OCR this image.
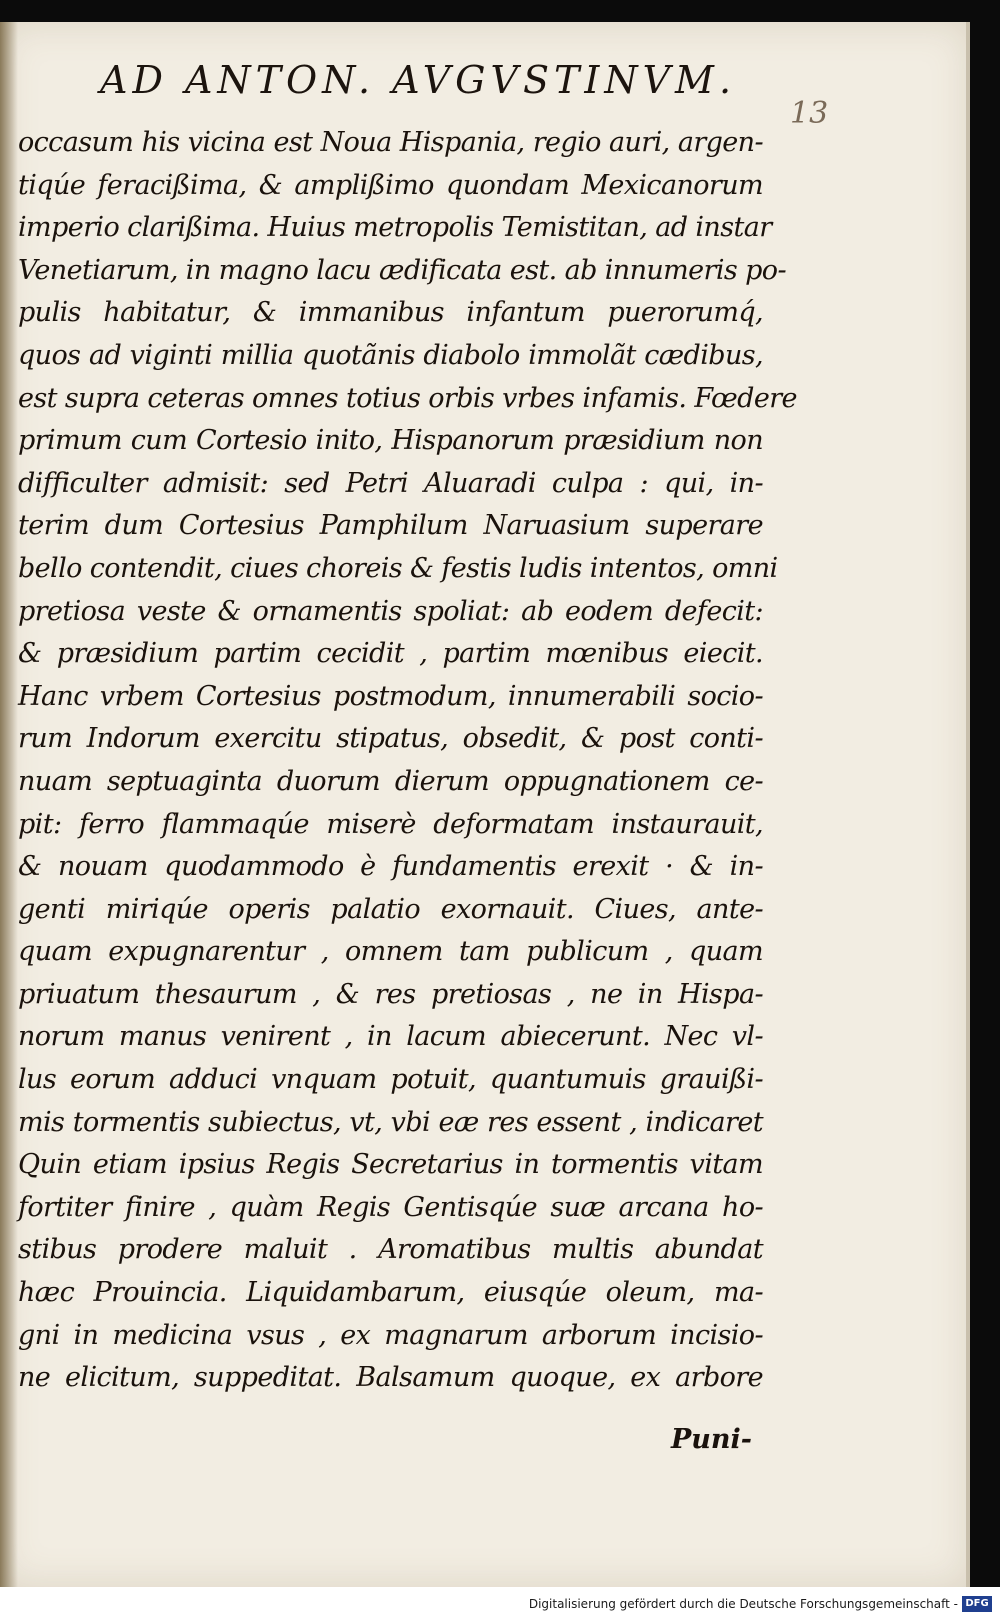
AD ANTON. AVGVSTINVM.
13
occasum his vicina est Noua Hispania, regio auri, argen-
tiqúe feracißima, & amplißimo quondam Mexicanorum
imperio clarißima. Huius metropolis Temistitan, ad instar
Venetiarum, in magno lacu ædificata est. ab innumeris po-
pulis habitatur, & immanibus infantum puerorumq́,
quos ad viginti millia quotãnis diabolo immolãt cædibus,
est supra ceteras omnes totius orbis vrbes infamis. Fœdere
primum cum Cortesio inito, Hispanorum præsidium non
difficulter admisit: sed Petri Aluaradi culpa : qui, in-
terim dum Cortesius Pamphilum Naruasium superare
bello contendit, ciues choreis & festis ludis intentos, omni
pretiosa veste & ornamentis spoliat: ab eodem defecit:
& præsidium partim cecidit , partim mœnibus eiecit.
Hanc vrbem Cortesius postmodum, innumerabili socio-
rum Indorum exercitu stipatus, obsedit, & post conti-
nuam septuaginta duorum dierum oppugnationem ce-
pit: ferro flammaqúe miserè deformatam instaurauit,
& nouam quodammodo è fundamentis erexit · & in-
genti miriqúe operis palatio exornauit. Ciues, ante-
quam expugnarentur , omnem tam publicum , quam
priuatum thesaurum , & res pretiosas , ne in Hispa-
norum manus venirent , in lacum abiecerunt. Nec vl-
lus eorum adduci vnquam potuit, quantumuis grauißi-
mis tormentis subiectus, vt, vbi eæ res essent , indicaret
Quin etiam ipsius Regis Secretarius in tormentis vitam
fortiter finire , quàm Regis Gentisqúe suæ arcana ho-
stibus prodere maluit . Aromatibus multis abundat
hæc Prouincia. Liquidambarum, eiusqúe oleum, ma-
gni in medicina vsus , ex magnarum arborum incisio-
ne elicitum, suppeditat. Balsamum quoque, ex arbore
Puni-
Digitalisierung gefördert durch die Deutsche Forschungsgemeinschaft - DFG
